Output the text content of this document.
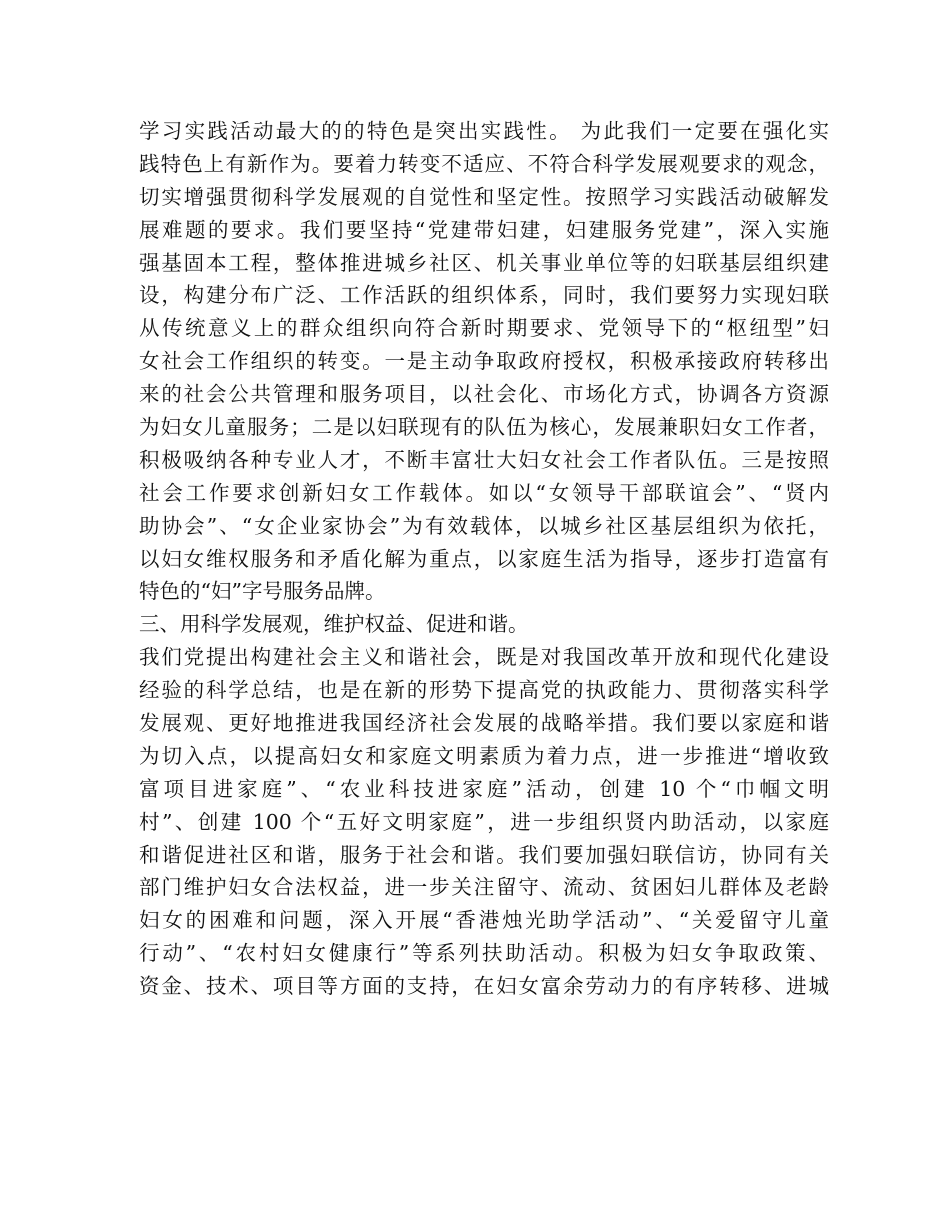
学习实践活动最大的的特色是突出实践性。 为此我们一定要在强化实
践特色上有新作为。要着力转变不适应、不符合科学发展观要求的观念，
切实增强贯彻科学发展观的自觉性和坚定性。按照学习实践活动破解发
展难题的要求。我们要坚持“党建带妇建，妇建服务党建”，深入实施
强基固本工程，整体推进城乡社区、机关事业单位等的妇联基层组织建
设，构建分布广泛、工作活跃的组织体系，同时，我们要努力实现妇联
从传统意义上的群众组织向符合新时期要求、党领导下的“枢纽型”妇
女社会工作组织的转变。一是主动争取政府授权，积极承接政府转移出
来的社会公共管理和服务项目，以社会化、市场化方式，协调各方资源
为妇女儿童服务；二是以妇联现有的队伍为核心，发展兼职妇女工作者，
积极吸纳各种专业人才，不断丰富壮大妇女社会工作者队伍。三是按照
社会工作要求创新妇女工作载体。如以“女领导干部联谊会”、“贤内
助协会”、“女企业家协会”为有效载体，以城乡社区基层组织为依托，
以妇女维权服务和矛盾化解为重点，以家庭生活为指导，逐步打造富有
特色的“妇”字号服务品牌。
三、用科学发展观，维护权益、促进和谐。
我们党提出构建社会主义和谐社会，既是对我国改革开放和现代化建设
经验的科学总结，也是在新的形势下提高党的执政能力、贯彻落实科学
发展观、更好地推进我国经济社会发展的战略举措。我们要以家庭和谐
为切入点，以提高妇女和家庭文明素质为着力点，进一步推进“增收致
富项目进家庭”、“农业科技进家庭”活动，创建 10 个“巾帼文明
村”、创建 100 个“五好文明家庭”，进一步组织贤内助活动，以家庭
和谐促进社区和谐，服务于社会和谐。我们要加强妇联信访，协同有关
部门维护妇女合法权益，进一步关注留守、流动、贫困妇儿群体及老龄
妇女的困难和问题，深入开展“香港烛光助学活动”、“关爱留守儿童
行动”、“农村妇女健康行”等系列扶助活动。积极为妇女争取政策、
资金、技术、项目等方面的支持，在妇女富余劳动力的有序转移、进城
